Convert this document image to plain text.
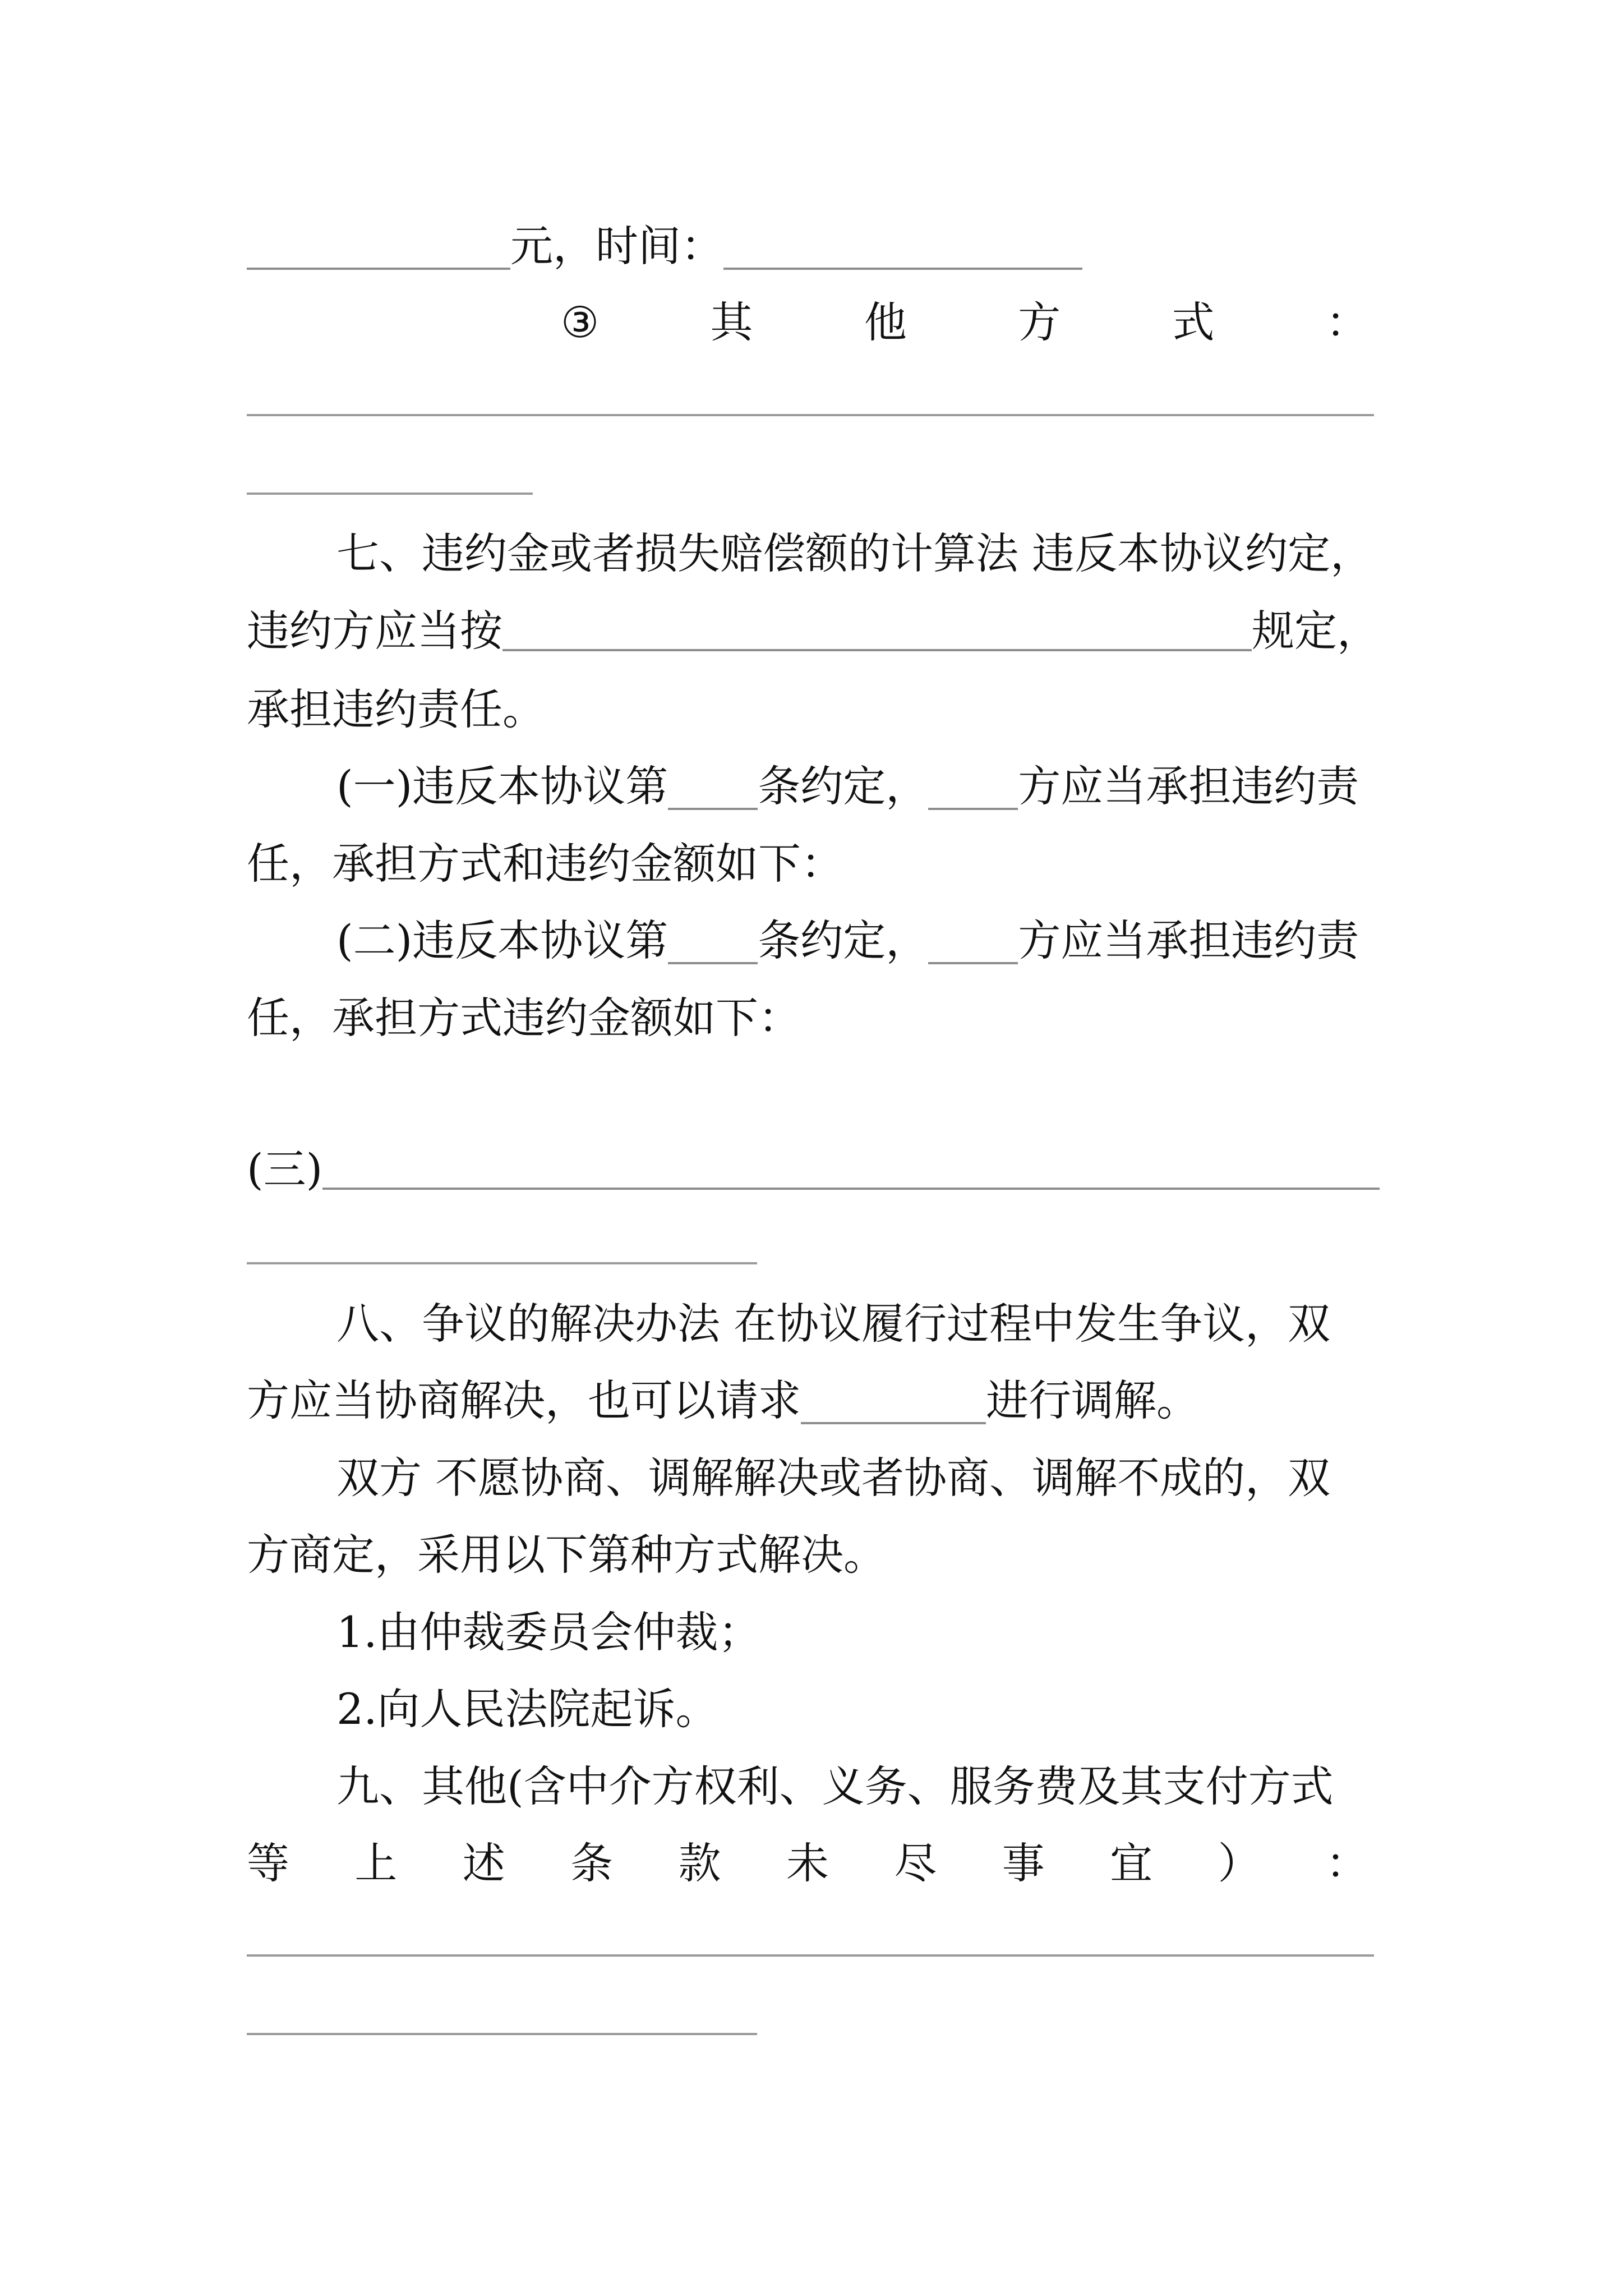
元，时间：
③	其	他	方	式	：
七、违约金或者损失赔偿额的计算法 违反本协议约定，
违约方应当按	规定，
承担违约责任。
(一)违反本协议第 条约定， 方应当承担违约责
任，承担方式和违约金额如下：
(二)违反本协议第 条约定， 方应当承担违约责
任，承担方式违约金额如下：
(三)
八、争议的解决办法 在协议履行过程中发生争议，双
方应当协商解决，也可以请求	进行调解。
双方 不愿协商、调解解决或者协商、调解不成的，双
方商定，采用以下第种方式解决。
1.由仲裁委员会仲裁；
2.向人民法院起诉。
九、其他(含中介方权利、义务、服务费及其支付方式
等 上 述 条 款 未 尽 事 宜 ） ：
